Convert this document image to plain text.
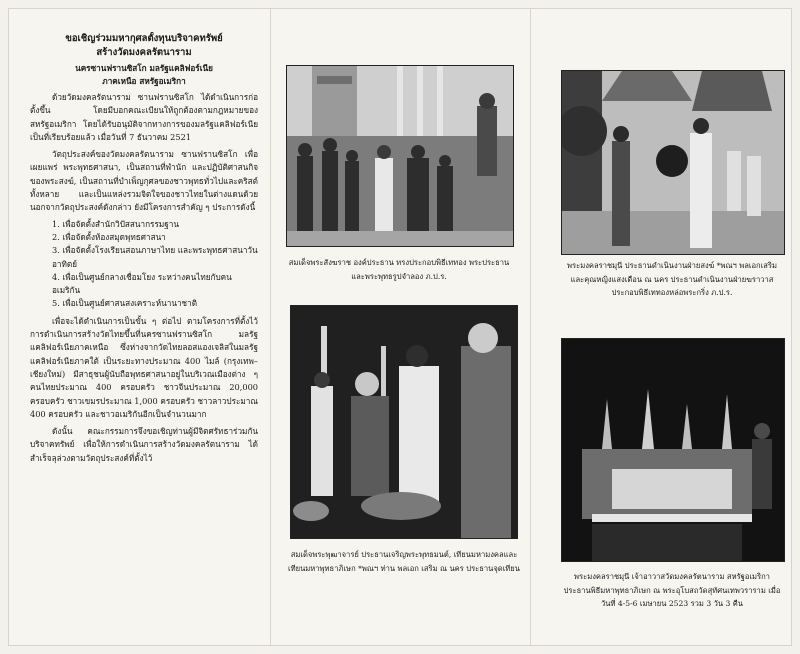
ขอเชิญร่วมมหากุศลตั้งทุนบริจาคทรัพย์
สร้างวัดมงคลรัตนาราม
นครซานฟรานซิสโก มลรัฐแคลิฟอร์เนีย
ภาคเหนือ สหรัฐอเมริกา

ด้วยวัดมงคลรัตนาราม ซานฟรานซิสโก ได้ดำเนินการก่อตั้งขึ้น โดยมีบอกคณะเบียนให้ถูกต้องตามกฎหมายของสหรัฐอเมริกา โดยได้รับอนุมัติจากทางการของมลรัฐแคลิฟอร์เนียเป็นที่เรียบร้อยแล้ว เมื่อวันที่ 7 ธันวาคม 2521

วัตถุประสงค์ของวัดมงคลรัตนาราม ซานฟรานซิสโก เพื่อเผยแพร่ พระพุทธศาสนา, เป็นสถานที่พำนัก และปฏิบัติศาสนกิจของพระสงฆ์, เป็นสถานที่บำเพ็ญกุศลของชาวพุทธทั่วไปและคริสต์ทั้งหลาย และเป็นแหล่งรวมจิตใจของชาวไทยในต่างแดนด้วย นอกจากวัตถุประสงค์ดังกล่าว ยังมีโครงการสำคัญ ๆ ประการดังนี้

1. เพื่อจัดตั้งสำนักวิปัสสนากรรมฐาน
2. เพื่อจัดตั้งห้องสมุดพุทธศาสนา
3. เพื่อจัดตั้งโรงเรียนสอนภาษาไทย และพระพุทธศาสนาวันอาทิตย์
4. เพื่อเป็นศูนย์กลางเชื่อมโยง ระหว่างคนไทยกับคนอเมริกัน
5. เพื่อเป็นศูนย์ศาสนสงเคราะห์นานาชาติ

เพื่อจะได้ดำเนินการเป็นขั้น ๆ ต่อไป ตามโครงการที่ตั้งไว้ การดำเนินการสร้างวัดไทยขึ้นที่นครซานฟรานซิสโก มลรัฐแคลิฟอร์เนียภาคเหนือ ซึ่งห่างจากวัดไทยลอสแองเจลิสในมลรัฐแคลิฟอร์เนียภาคใต้ เป็นระยะทางประมาณ 400 ไมล์ (กรุงเทพ–เชียงใหม่) มีสาธุชนผู้นับถือพุทธศาสนาอยู่ในบริเวณเมืองต่าง ๆ คนไทยประมาณ 400 ครอบครัว ชาวจีนประมาณ 20,000 ครอบครัว ชาวเขมรประมาณ 1,000 ครอบครัว ชาวลาวประมาณ 400 ครอบครัว และชาวอเมริกันอีกเป็นจำนวนมาก

ดังนั้น คณะกรรมการจึงขอเชิญท่านผู้มีจิตศรัทธาร่วมกันบริจาคทรัพย์ เพื่อให้การดำเนินการสร้างวัดมงคลรัตนาราม ได้สำเร็จลุล่วงตามวัตถุประสงค์ที่ตั้งไว้

สมเด็จพระสังฆราช องค์ประธาน ทรงประกอบพิธีเททอง พระประธานและพระพุทธรูปจำลอง ภ.ป.ร.
พระมงคลราชมุนี ประธานดำเนินงานฝ่ายสงฆ์ *พณฯ พลเอกเสริม และคุณหญิงแสงเดือน ณ นคร ประธานดำเนินงานฝ่ายฆราวาส ประกอบพิธีเททองหล่อพระกริ่ง ภ.ป.ร.
สมเด็จพระพุฒาจารย์ ประธานเจริญพระพุทธมนต์, เทียนมหามงคลและเทียนมหาพุทธาภิเษก *พณฯ ท่าน พลเอก เสริม ณ นคร ประธานจุดเทียน
พระมงคลราชมุนี เจ้าอาวาสวัดมงคลรัตนาราม สหรัฐอเมริกา ประธานพิธีมหาพุทธาภิเษก ณ พระอุโบสถวัดสุทัศนเทพวราราม เมื่อวันที่ 4-5-6 เมษายน 2523 รวม 3 วัน 3 คืน
